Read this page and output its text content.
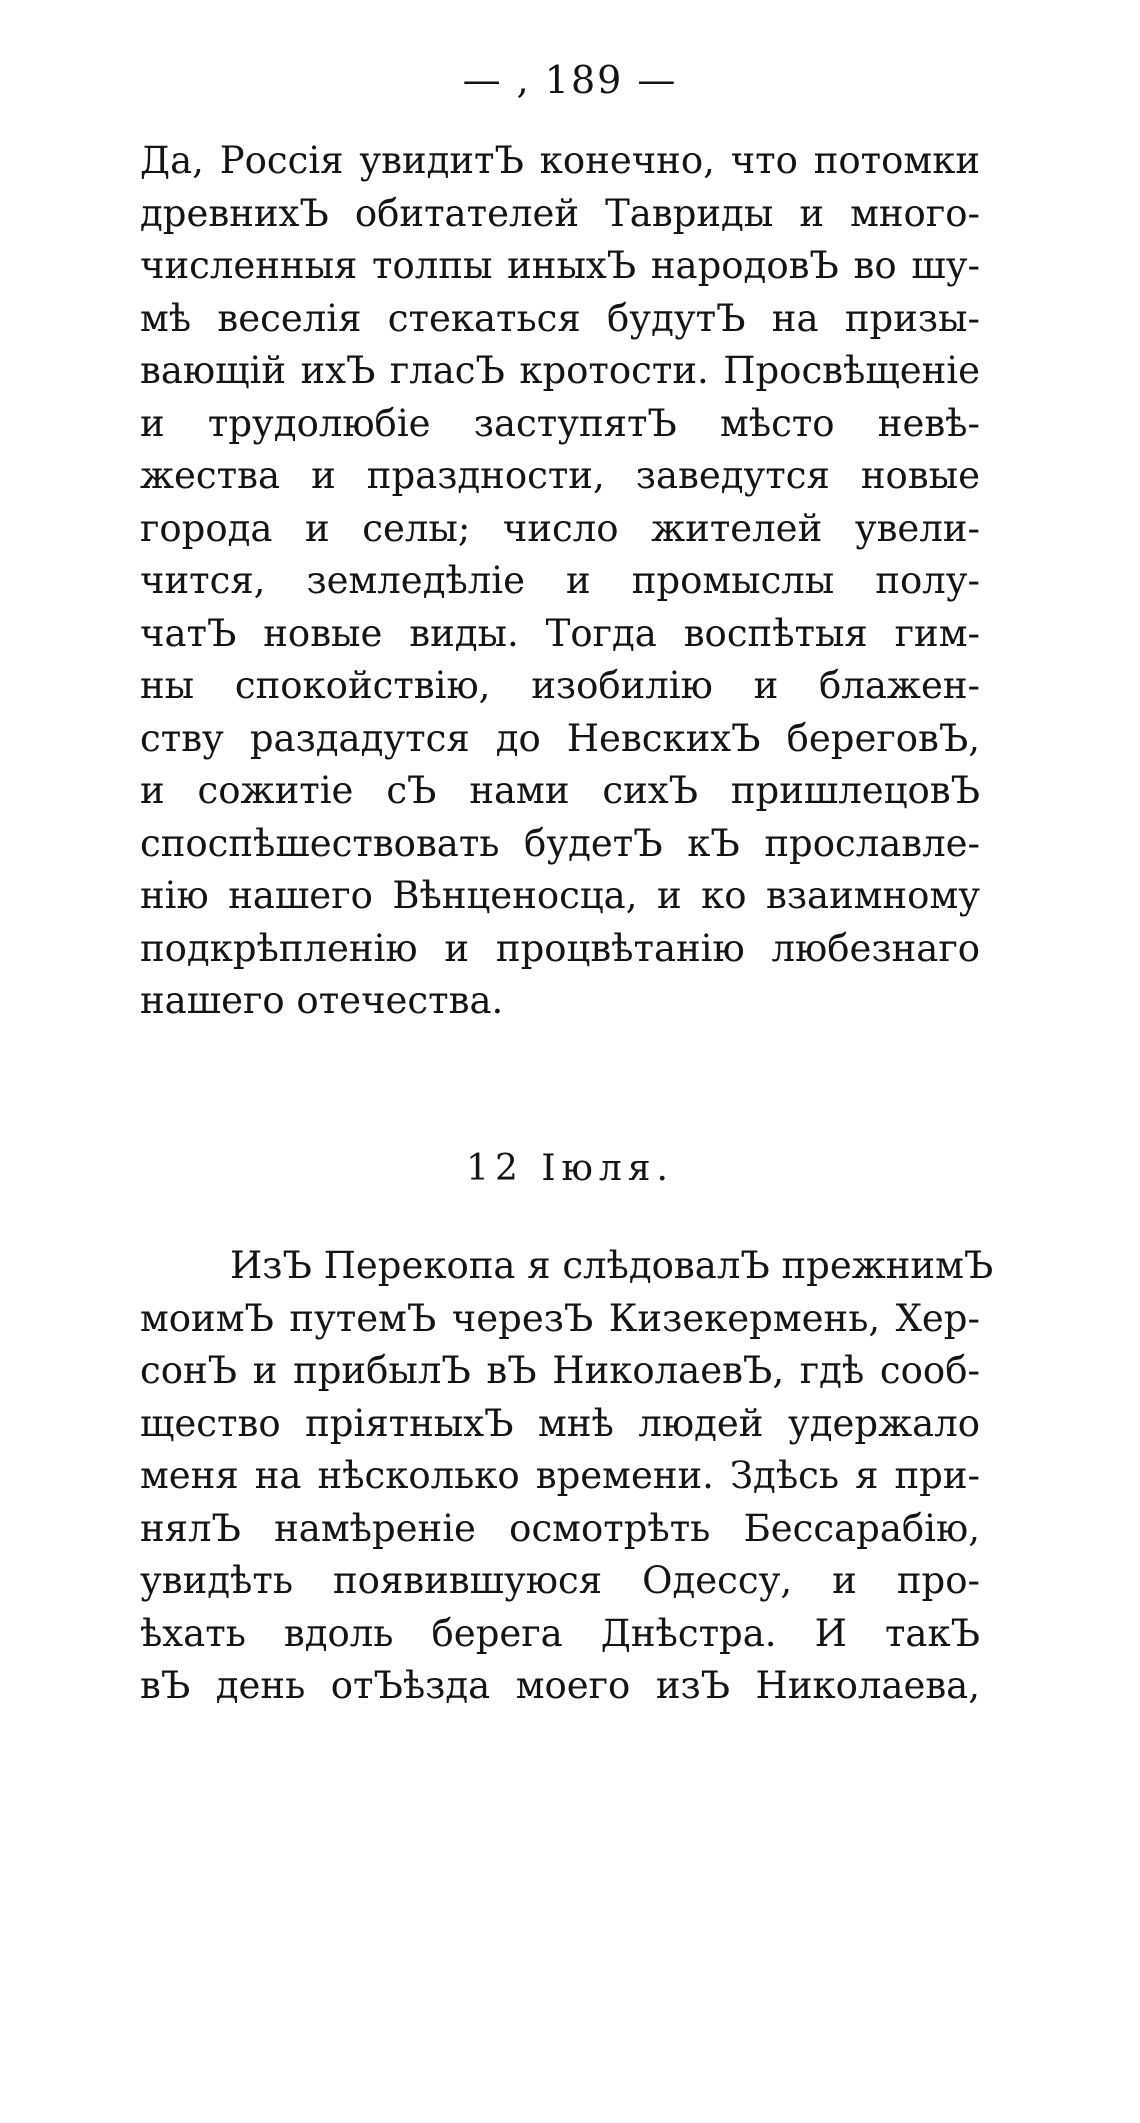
— , 189 —
Да, Россія увидитЪ конечно, что потомки
древнихЪ обитателей Тавриды и много-
численныя толпы иныхЪ народовЪ во шу-
мѣ веселія стекаться будутЪ на призы-
вающій ихЪ гласЪ кротости. Просвѣщеніе
и трудолюбіе заступятЪ мѣсто невѣ-
жества и праздности, заведутся новые
города и селы; число жителей увели-
чится, земледѣліе и промыслы полу-
чатЪ новые виды. Тогда воспѣтыя гим-
ны спокойствію, изобилію и блажен-
ству раздадутся до НевскихЪ береговЪ,
и сожитіе сЪ нами сихЪ пришлецовЪ
споспѣшествовать будетЪ кЪ прославле-
нію нашего Вѣнценосца, и ко взаимному
подкрѣпленію и процвѣтанію любезнаго
нашего отечества.
12 Іюля.
ИзЪ Перекопа я слѣдовалЪ прежнимЪ
моимЪ путемЪ черезЪ Кизекермень, Хер-
сонЪ и прибылЪ вЪ НиколаевЪ, гдѣ сооб-
щество пріятныхЪ мнѣ людей удержало
меня на нѣсколько времени. Здѣсь я при-
нялЪ намѣреніе осмотрѣть Бессарабію,
увидѣть появившуюся Одессу, и про-
ѣхать вдоль берега Днѣстра. И такЪ
вЪ день отЪѣзда моего изЪ Николаева,
